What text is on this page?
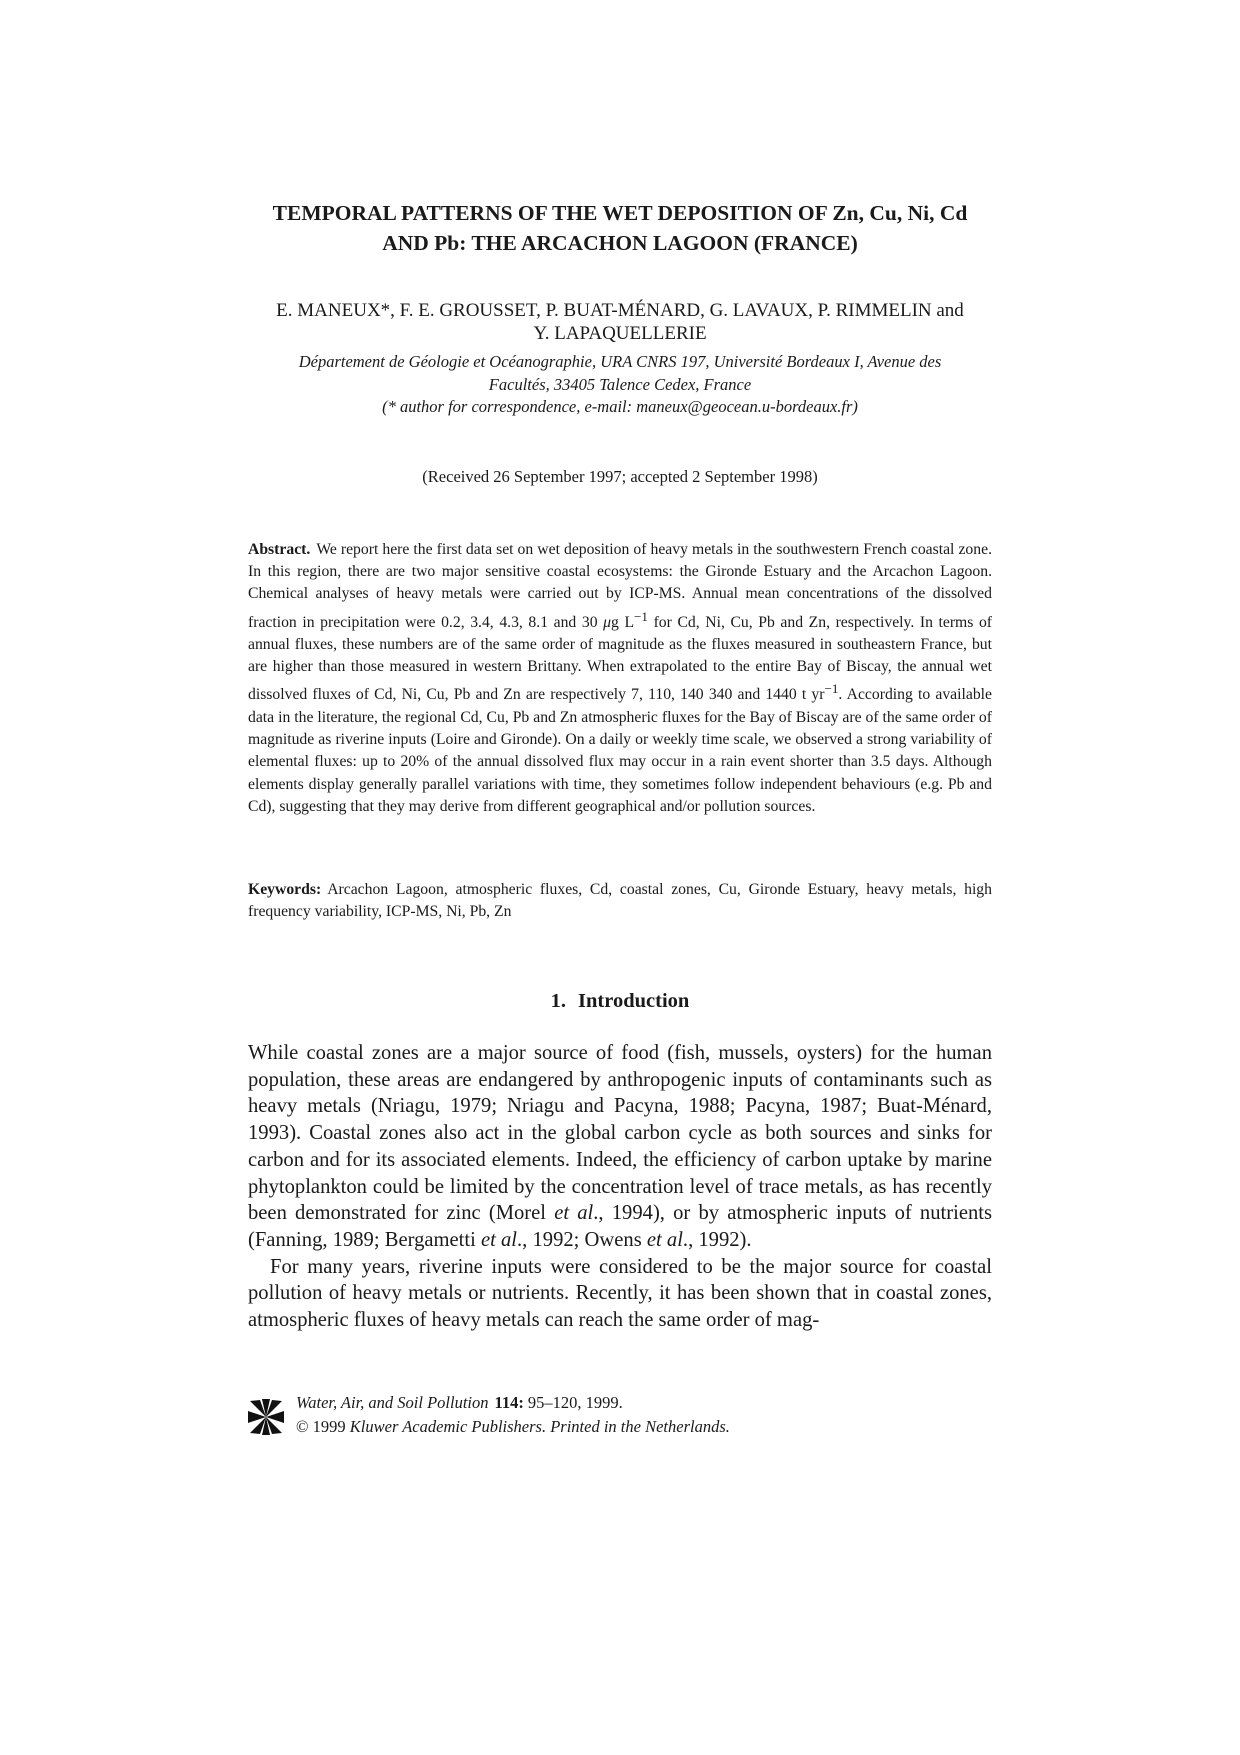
TEMPORAL PATTERNS OF THE WET DEPOSITION OF Zn, Cu, Ni, Cd
AND Pb: THE ARCACHON LAGOON (FRANCE)
E. MANEUX*, F. E. GROUSSET, P. BUAT-MÉNARD, G. LAVAUX, P. RIMMELIN and
Y. LAPAQUELLERIE
Département de Géologie et Océanographie, URA CNRS 197, Université Bordeaux I, Avenue des
Facultés, 33405 Talence Cedex, France
(* author for correspondence, e-mail: maneux@geocean.u-bordeaux.fr)
(Received 26 September 1997; accepted 2 September 1998)
Abstract. We report here the first data set on wet deposition of heavy metals in the southwestern French coastal zone. In this region, there are two major sensitive coastal ecosystems: the Gironde Estuary and the Arcachon Lagoon. Chemical analyses of heavy metals were carried out by ICP-MS. Annual mean concentrations of the dissolved fraction in precipitation were 0.2, 3.4, 4.3, 8.1 and 30 μg $L^{-1}$ for Cd, Ni, Cu, Pb and Zn, respectively. In terms of annual fluxes, these numbers are of the same order of magnitude as the fluxes measured in southeastern France, but are higher than those measured in western Brittany. When extrapolated to the entire Bay of Biscay, the annual wet dissolved fluxes of Cd, Ni, Cu, Pb and Zn are respectively 7, 110, 140 340 and 1440 t $yr^{-1}$. According to available data in the literature, the regional Cd, Cu, Pb and Zn atmospheric fluxes for the Bay of Biscay are of the same order of magnitude as riverine inputs (Loire and Gironde). On a daily or weekly time scale, we observed a strong variability of elemental fluxes: up to 20% of the annual dissolved flux may occur in a rain event shorter than 3.5 days. Although elements display generally parallel variations with time, they sometimes follow independent behaviours (e.g. Pb and Cd), suggesting that they may derive from different geographical and/or pollution sources.
Keywords: Arcachon Lagoon, atmospheric fluxes, Cd, coastal zones, Cu, Gironde Estuary, heavy metals, high frequency variability, ICP-MS, Ni, Pb, Zn
1. Introduction

While coastal zones are a major source of food (fish, mussels, oysters) for the human population, these areas are endangered by anthropogenic inputs of contaminants such as heavy metals (Nriagu, 1979; Nriagu and Pacyna, 1988; Pacyna, 1987; Buat-Ménard, 1993). Coastal zones also act in the global carbon cycle as both sources and sinks for carbon and for its associated elements. Indeed, the efficiency of carbon uptake by marine phytoplankton could be limited by the concentration level of trace metals, as has recently been demonstrated for zinc (Morel et al., 1994), or by atmospheric inputs of nutrients (Fanning, 1989; Bergametti et al., 1992; Owens et al., 1992).

For many years, riverine inputs were considered to be the major source for coastal pollution of heavy metals or nutrients. Recently, it has been shown that in coastal zones, atmospheric fluxes of heavy metals can reach the same order of mag-

Water, Air, and Soil Pollution 114: 95–120, 1999.
© 1999 Kluwer Academic Publishers. Printed in the Netherlands.
